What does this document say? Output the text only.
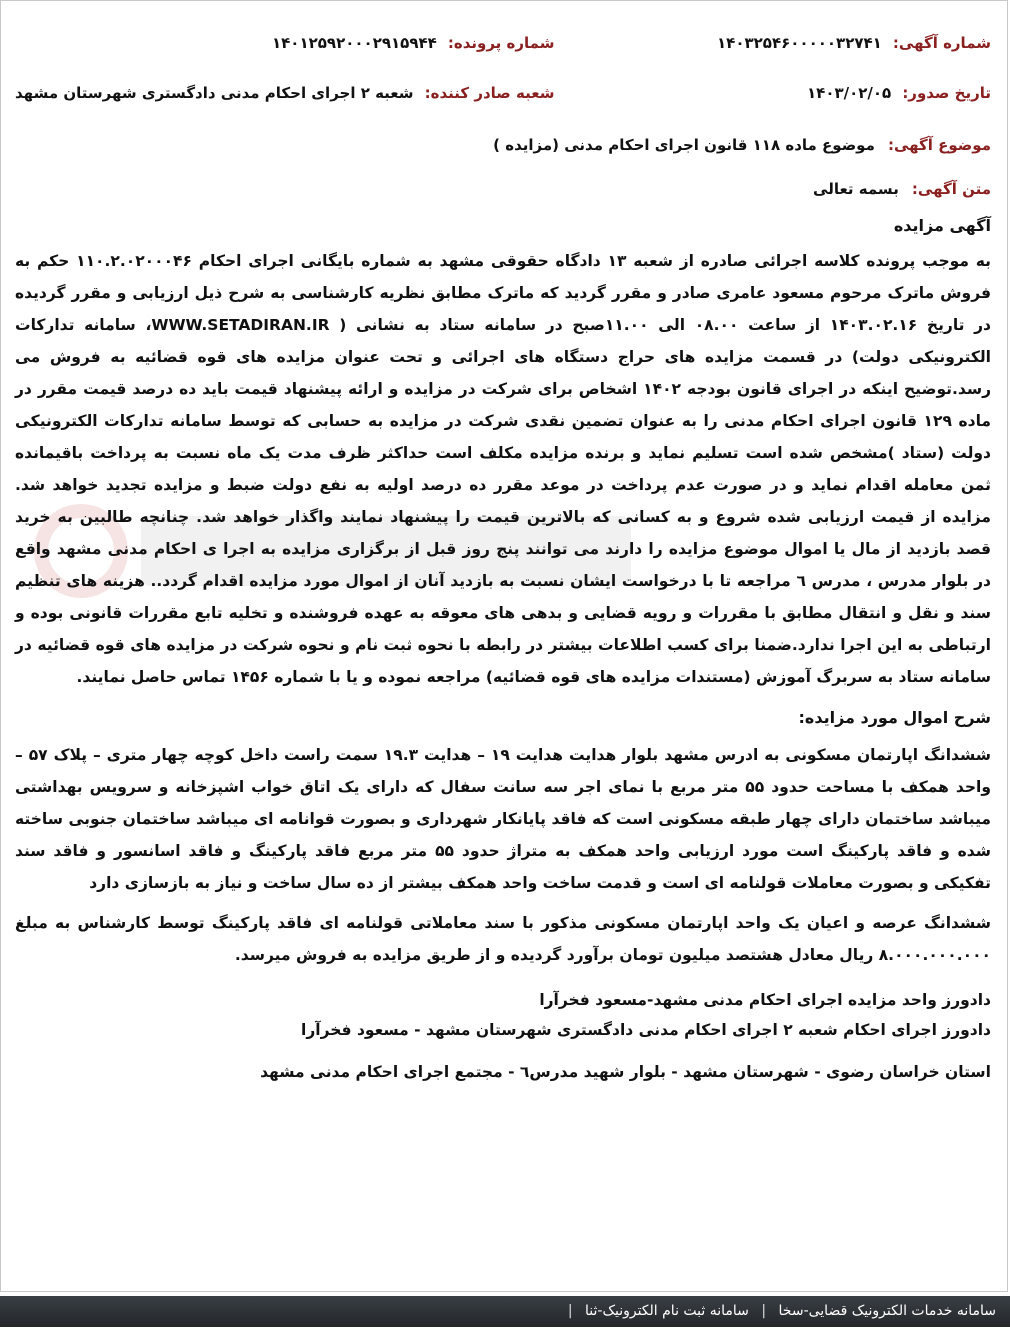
شماره آگهی: ۱۴۰۳۲۵۴۶۰۰۰۰۰۳۲۷۴۱
شماره پرونده: ۱۴۰۱۲۵۹۲۰۰۰۲۹۱۵۹۴۴
تاریخ صدور: ۱۴۰۳/۰۲/۰۵
شعبه صادر کننده: شعبه ۲ اجرای احکام مدنی دادگستری شهرستان مشهد
موضوع آگهی: موضوع ماده ۱۱۸ قانون اجرای احکام مدنی (مزایده )
متن آگهی: بسمه تعالی
آگهی مزایده

به موجب پرونده کلاسه اجرائی صادره از شعبه ۱۳ دادگاه حقوقی مشهد به شماره بایگانی اجرای احکام ۱۱۰.۲.۰۲۰۰۰۴۶ حکم به فروش ماترک مرحوم مسعود عامری صادر و مقرر گردید که ماترک مطابق نظریه کارشناسی به شرح ذیل ارزیابی و مقرر گردیده در تاریخ ۱۴۰۳.۰۲.۱۶ از ساعت ۰۸.۰۰ الی ۱۱.۰۰صبح در سامانه ستاد به نشانی ( WWW.SETADIRAN.IR، سامانه تدارکات الکترونیکی دولت) در قسمت مزایده های حراج دستگاه های اجرائی و تحت عنوان مزایده های قوه قضائیه به فروش می رسد.توضیح اینکه در اجرای قانون بودجه ۱۴۰۲ اشخاص برای شرکت در مزایده و ارائه پیشنهاد قیمت باید ده درصد قیمت مقرر در ماده ۱۲۹ قانون اجرای احکام مدنی را به عنوان تضمین نقدی شرکت در مزایده به حسابی که توسط سامانه تدارکات الکترونیکی دولت (ستاد )مشخص شده است تسلیم نماید و برنده مزایده مکلف است حداکثر ظرف مدت یک ماه نسبت به پرداخت باقیمانده ثمن معامله اقدام نماید و در صورت عدم پرداخت در موعد مقرر ده درصد اولیه به نفع دولت ضبط و مزایده تجدید خواهد شد. مزایده از قیمت ارزیابی شده شروع و به کسانی که بالاترین قیمت را پیشنهاد نمایند واگذار خواهد شد. چنانچه طالبین به خرید قصد بازدید از مال یا اموال موضوع مزایده را دارند می توانند پنج روز قبل از برگزاری مزایده به اجرا ی احکام مدنی مشهد واقع در بلوار مدرس ، مدرس ٦ مراجعه تا با درخواست ایشان نسبت به بازدید آنان از اموال مورد مزایده اقدام گردد.. هزینه های تنظیم سند و نقل و انتقال مطابق با مقررات و رویه قضایی و بدهی های معوقه به عهده فروشنده و تخلیه تابع مقررات قانونی بوده و ارتباطی به این اجرا ندارد.ضمنا برای کسب اطلاعات بیشتر در رابطه با نحوه ثبت نام و نحوه شرکت در مزایده های قوه قضائیه در سامانه ستاد به سربرگ آموزش (مستندات مزایده های قوه قضائیه) مراجعه نموده و یا با شماره ۱۴۵۶ تماس حاصل نمایند.

شرح اموال مورد مزایده:

ششدانگ اپارتمان مسکونی به ادرس مشهد بلوار هدایت هدایت ۱۹ – هدایت ۱۹.۳ سمت راست داخل کوچه چهار متری – پلاک ۵۷ – واحد همکف با مساحت حدود ۵۵ متر مربع با نمای اجر سه سانت سفال که دارای یک اتاق خواب اشپزخانه و سرویس بهداشتی میباشد ساختمان دارای چهار طبقه مسکونی است که فاقد پایانکار شهرداری و بصورت قوانامه ای میباشد ساختمان جنوبی ساخته شده و فاقد پارکینگ است مورد ارزیابی واحد همکف به متراژ حدود ۵۵ متر مربع فاقد پارکینگ و فاقد اسانسور و فاقد سند تفکیکی و بصورت معاملات قولنامه ای است و قدمت ساخت واحد همکف بیشتر از ده سال ساخت و نیاز به بازسازی دارد

ششدانگ عرصه و اعیان یک واحد اپارتمان مسکونی مذکور با سند معاملاتی قولنامه ای فاقد پارکینگ توسط کارشناس به مبلغ ۸.۰۰۰.۰۰۰.۰۰۰ ریال معادل هشتصد میلیون تومان برآورد گردیده و از طریق مزایده به فروش میرسد.

دادورز واحد مزایده اجرای احکام مدنی مشهد-مسعود فخرآرا

دادورز اجرای احکام شعبه ۲ اجرای احکام مدنی دادگستری شهرستان مشهد - مسعود فخرآرا

استان خراسان رضوی - شهرستان مشهد - بلوار شهید مدرس٦ - مجتمع اجرای احکام مدنی مشهد

سامانه خدمات الکترونیک قضایی-سخا | سامانه ثبت نام الکترونیک-ثنا |
